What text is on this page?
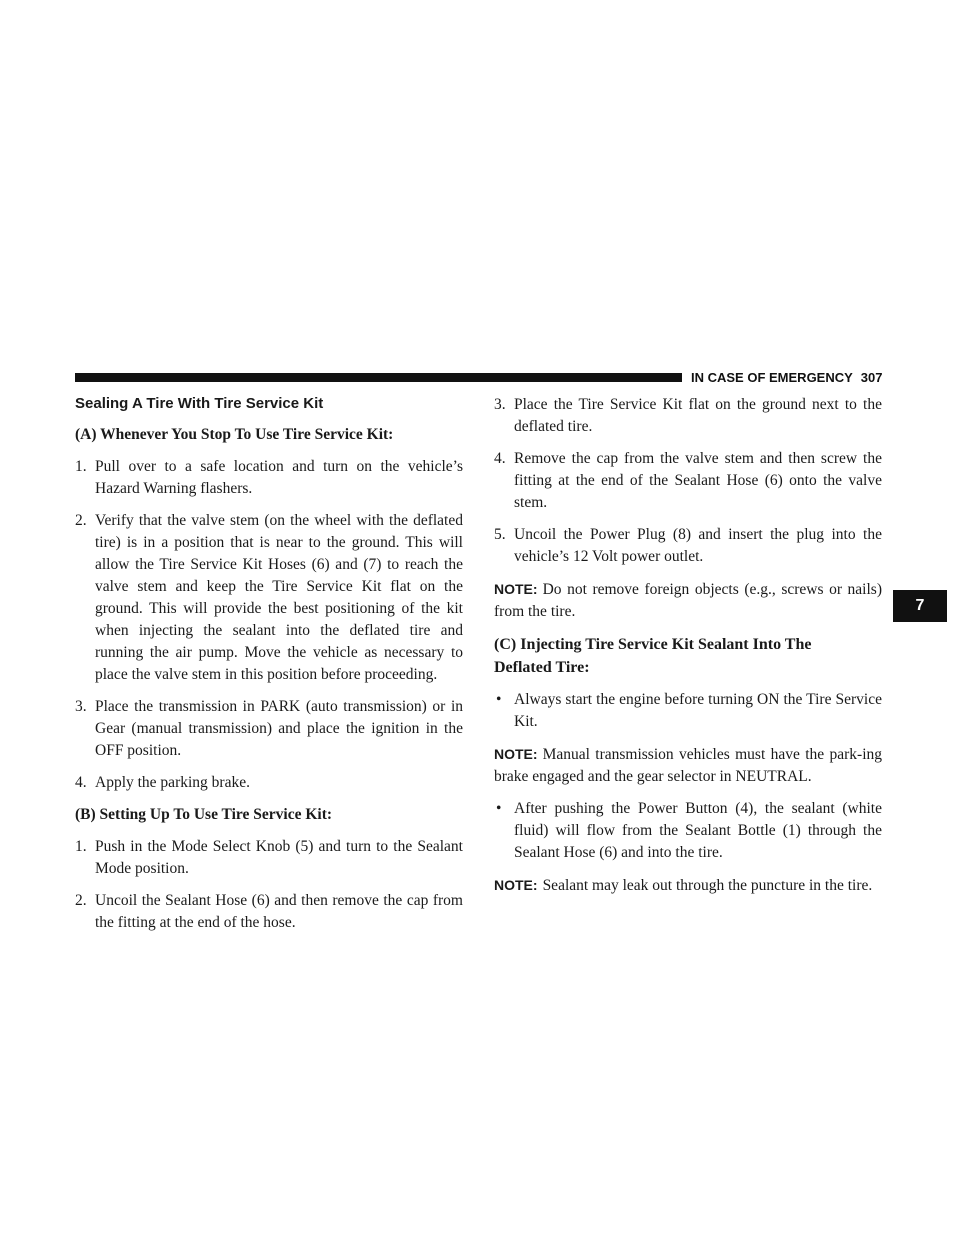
IN CASE OF EMERGENCY 307
7
Sealing A Tire With Tire Service Kit
(A) Whenever You Stop To Use Tire Service Kit:
1. Pull over to a safe location and turn on the vehicle’s Hazard Warning flashers.
2. Verify that the valve stem (on the wheel with the deflated tire) is in a position that is near to the ground. This will allow the Tire Service Kit Hoses (6) and (7) to reach the valve stem and keep the Tire Service Kit flat on the ground. This will provide the best positioning of the kit when injecting the sealant into the deflated tire and running the air pump. Move the vehicle as necessary to place the valve stem in this position before proceeding.
3. Place the transmission in PARK (auto transmission) or in Gear (manual transmission) and place the ignition in the OFF position.
4. Apply the parking brake.
(B) Setting Up To Use Tire Service Kit:
1. Push in the Mode Select Knob (5) and turn to the Sealant Mode position.
2. Uncoil the Sealant Hose (6) and then remove the cap from the fitting at the end of the hose.
3. Place the Tire Service Kit flat on the ground next to the deflated tire.
4. Remove the cap from the valve stem and then screw the fitting at the end of the Sealant Hose (6) onto the valve stem.
5. Uncoil the Power Plug (8) and insert the plug into the vehicle’s 12 Volt power outlet.
NOTE: Do not remove foreign objects (e.g., screws or nails) from the tire.
(C) Injecting Tire Service Kit Sealant Into The
Deflated Tire:
• Always start the engine before turning ON the Tire Service Kit.
NOTE: Manual transmission vehicles must have the park-ing brake engaged and the gear selector in NEUTRAL.
• After pushing the Power Button (4), the sealant (white fluid) will flow from the Sealant Bottle (1) through the Sealant Hose (6) and into the tire.
NOTE: Sealant may leak out through the puncture in the tire.
